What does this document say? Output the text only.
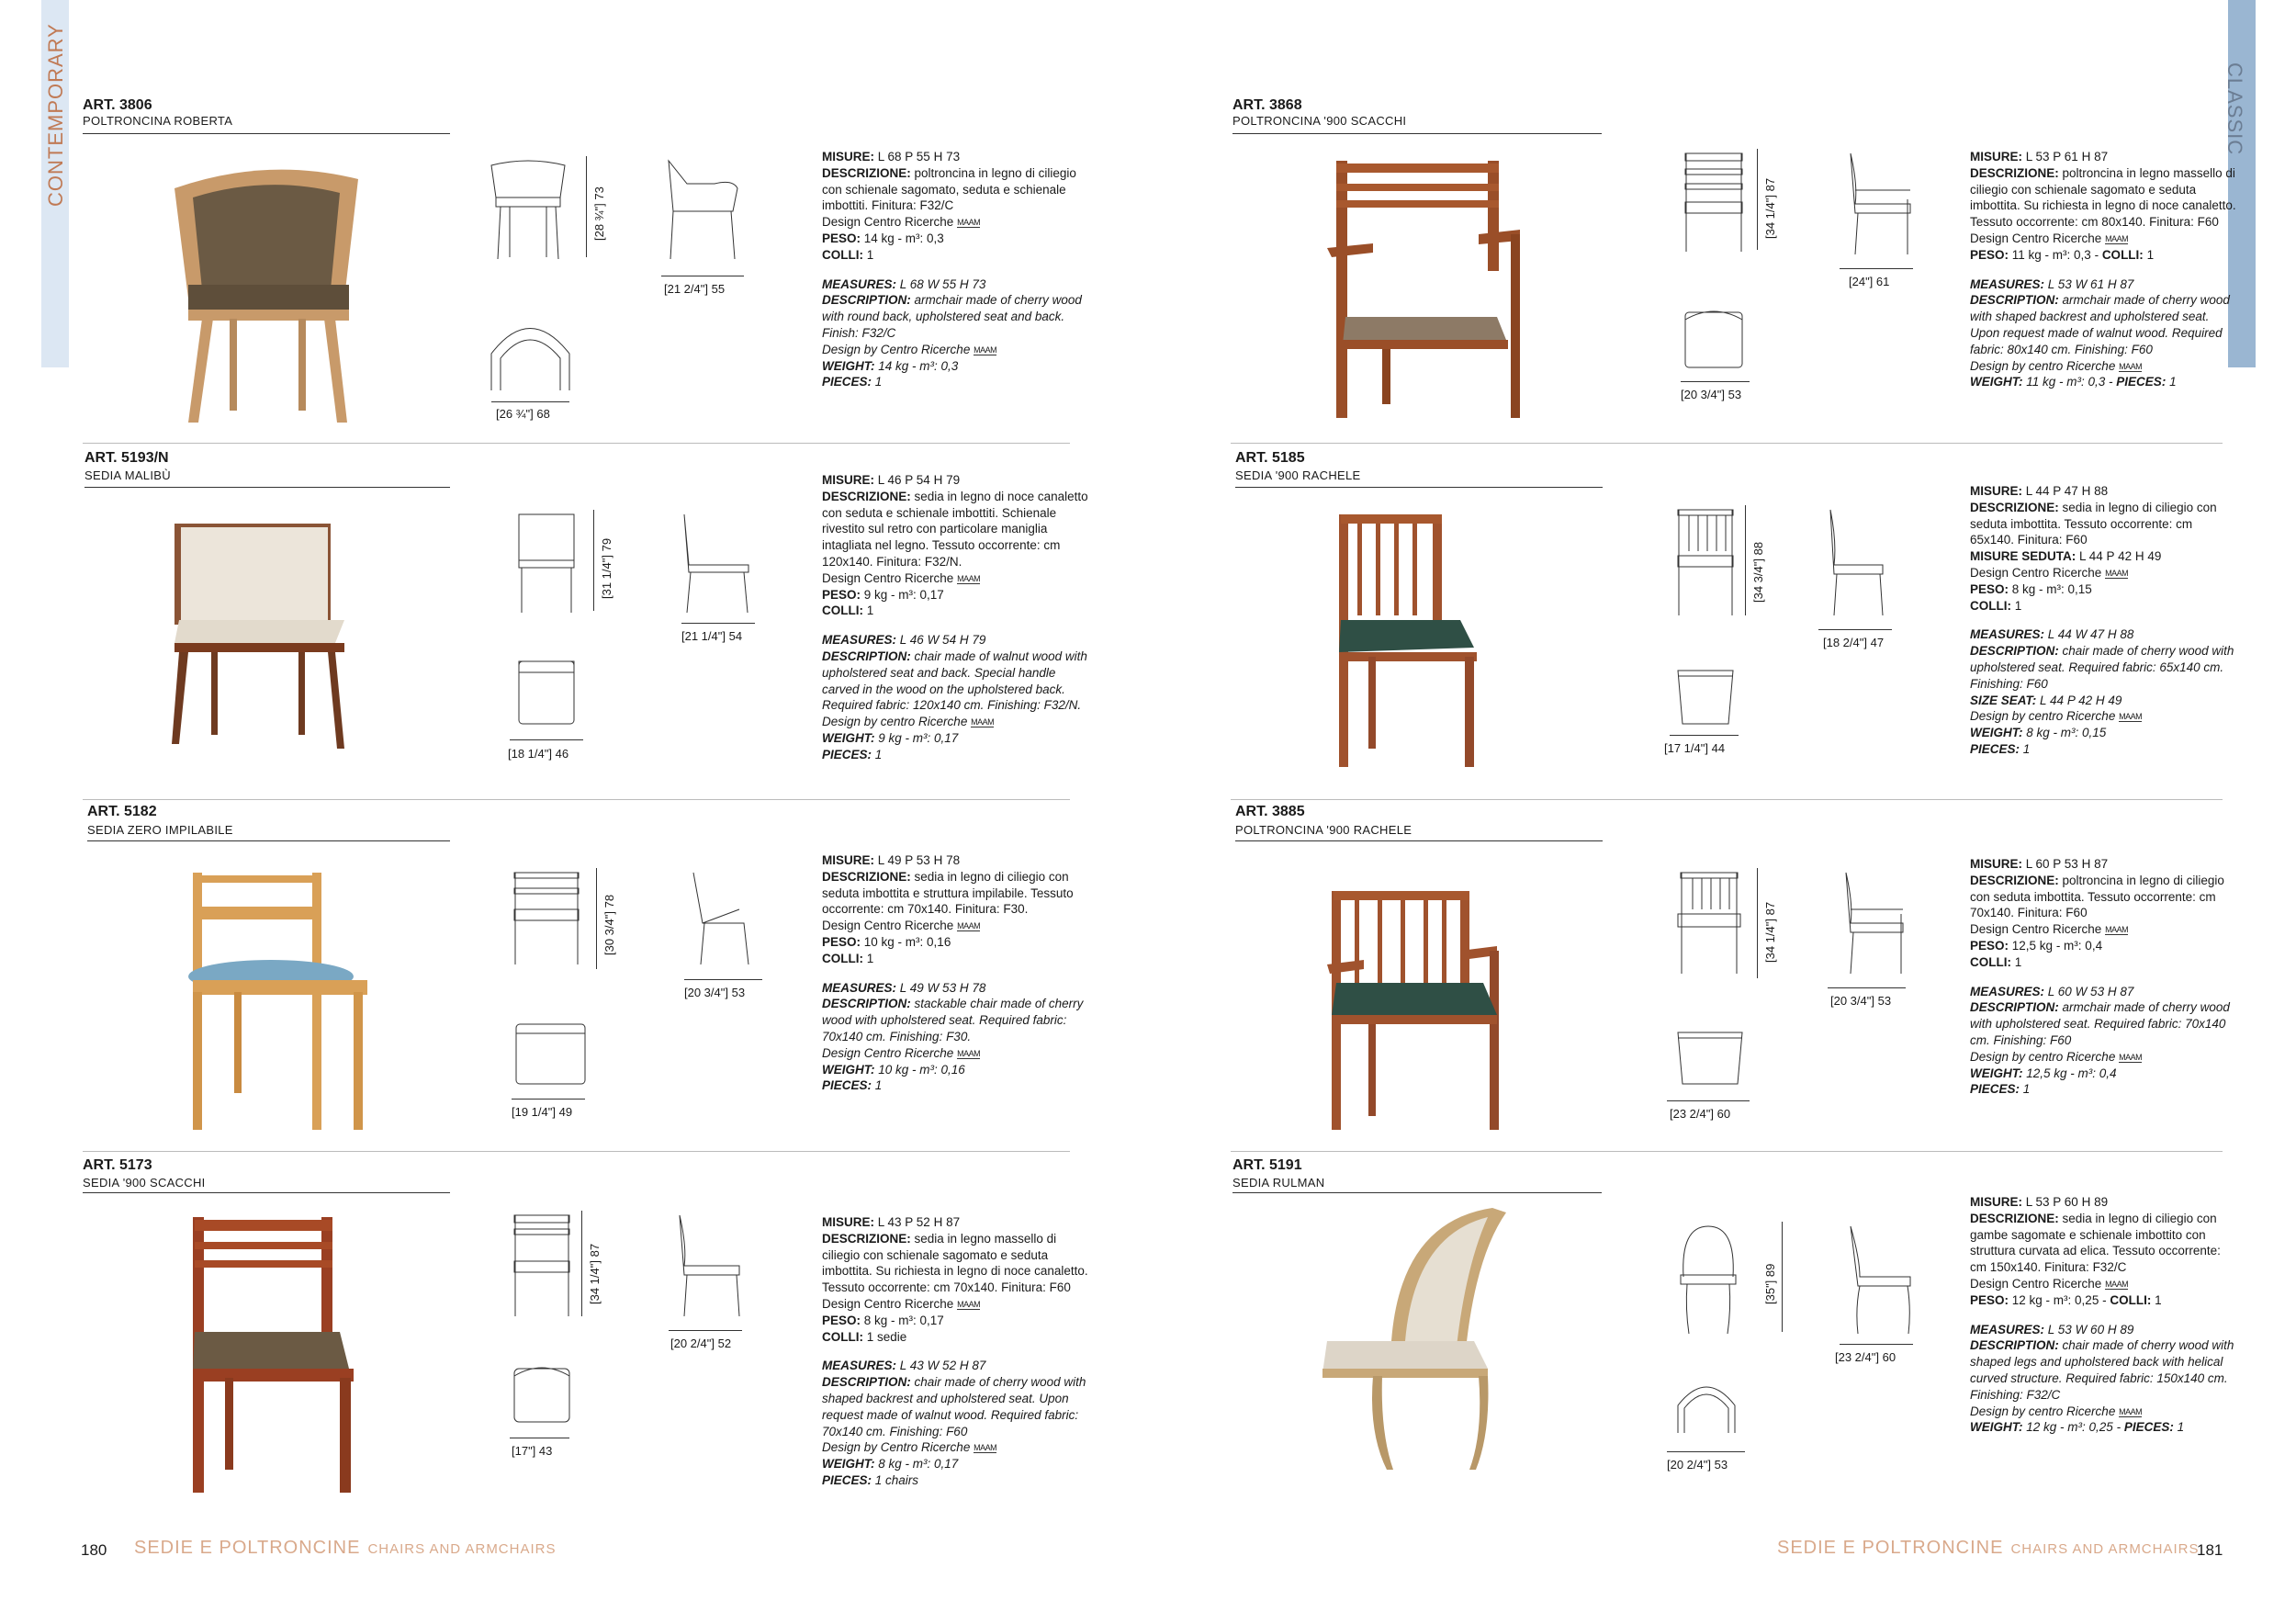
CONTEMPORARY	CLASSIC
ART. 3806
POLTRONCINA ROBERTA
[28 ¾"] 73
[21 2/4"] 55
[26 ¾"] 68

MISURE: L 68 P 55 H 73
DESCRIZIONE: poltroncina in legno di ciliegio con schienale sagomato, seduta e schienale imbottiti. Finitura: F32/C
Design Centro Ricerche MAAM
PESO: 14 kg - m³: 0,3
COLLI: 1

MEASURES: L 68 W 55 H 73
DESCRIPTION: armchair made of cherry wood with round back, upholstered seat and back. Finish: F32/C
Design by Centro Ricerche MAAM
WEIGHT: 14 kg - m³: 0,3
PIECES: 1

ART. 5193/N
SEDIA MALIBÙ
[31 1/4"] 79
[21 1/4"] 54
[18 1/4"] 46

MISURE: L 46 P 54 H 79
DESCRIZIONE: sedia in legno di noce canaletto con seduta e schienale imbottiti. Schienale rivestito sul retro con particolare maniglia intagliata nel legno. Tessuto occorrente: cm 120x140. Finitura: F32/N.
Design Centro Ricerche MAAM
PESO: 9 kg - m³: 0,17
COLLI: 1

MEASURES: L 46 W 54 H 79
DESCRIPTION: chair made of walnut wood with upholstered seat and back. Special handle carved in the wood on the upholstered back. Required fabric: 120x140 cm. Finishing: F32/N.
Design by centro Ricerche MAAM
WEIGHT: 9 kg - m³: 0,17
PIECES: 1

ART. 5182
SEDIA ZERO IMPILABILE
[30 3/4"] 78
[20 3/4"] 53
[19 1/4"] 49

MISURE: L 49 P 53 H 78
DESCRIZIONE: sedia in legno di ciliegio con seduta imbottita e struttura impilabile. Tessuto occorrente: cm 70x140. Finitura: F30.
Design Centro Ricerche MAAM
PESO: 10 kg - m³: 0,16
COLLI: 1

MEASURES: L 49 W 53 H 78
DESCRIPTION: stackable chair made of cherry wood with upholstered seat. Required fabric: 70x140 cm. Finishing: F30.
Design Centro Ricerche MAAM
WEIGHT: 10 kg - m³: 0,16
PIECES: 1

ART. 5173
SEDIA '900 SCACCHI
[34 1/4"] 87
[20 2/4"] 52
[17"] 43

MISURE: L 43 P 52 H 87
DESCRIZIONE: sedia in legno massello di ciliegio con schienale sagomato e seduta imbottita. Su richiesta in legno di noce canaletto. Tessuto occorrente: cm 70x140. Finitura: F60
Design Centro Ricerche MAAM
PESO: 8 kg - m³: 0,17
COLLI: 1 sedie

MEASURES: L 43 W 52 H 87
DESCRIPTION: chair made of cherry wood with shaped backrest and upholstered seat. Upon request made of walnut wood. Required fabric: 70x140 cm. Finishing: F60
Design by Centro Ricerche MAAM
WEIGHT: 8 kg - m³: 0,17
PIECES: 1 chairs

ART. 3868
POLTRONCINA '900 SCACCHI
[34 1/4"] 87
[24"] 61
[20 3/4"] 53

MISURE: L 53 P 61 H 87
DESCRIZIONE: poltroncina in legno massello di ciliegio con schienale sagomato e seduta imbottita. Su richiesta in legno di noce canaletto. Tessuto occorrente: cm 80x140. Finitura: F60
Design Centro Ricerche MAAM
PESO: 11 kg - m³: 0,3 - COLLI: 1

MEASURES: L 53 W 61 H 87
DESCRIPTION: armchair made of cherry wood with shaped backrest and upholstered seat. Upon request made of walnut wood. Required fabric: 80x140 cm. Finishing: F60
Design by centro Ricerche MAAM
WEIGHT: 11 kg - m³: 0,3 - PIECES: 1

ART. 5185
SEDIA '900 RACHELE
[34 3/4"] 88
[18 2/4"] 47
[17 1/4"] 44

MISURE: L 44 P 47 H 88
DESCRIZIONE: sedia in legno di ciliegio con seduta imbottita. Tessuto occorrente: cm 65x140. Finitura: F60
MISURE SEDUTA: L 44 P 42 H 49
Design Centro Ricerche MAAM
PESO: 8 kg - m³: 0,15
COLLI: 1

MEASURES: L 44 W 47 H 88
DESCRIPTION: chair made of cherry wood with upholstered seat. Required fabric: 65x140 cm. Finishing: F60
SIZE SEAT: L 44 P 42 H 49
Design by centro Ricerche MAAM
WEIGHT: 8 kg - m³: 0,15
PIECES: 1

ART. 3885
POLTRONCINA '900 RACHELE
[34 1/4"] 87
[20 3/4"] 53
[23 2/4"] 60

MISURE: L 60 P 53 H 87
DESCRIZIONE: poltroncina in legno di ciliegio con seduta imbottita. Tessuto occorrente: cm 70x140. Finitura: F60
Design Centro Ricerche MAAM
PESO: 12,5 kg - m³: 0,4
COLLI: 1

MEASURES: L 60 W 53 H 87
DESCRIPTION: armchair made of cherry wood with upholstered seat. Required fabric: 70x140 cm. Finishing: F60
Design by centro Ricerche MAAM
WEIGHT: 12,5 kg - m³: 0,4
PIECES: 1

ART. 5191
SEDIA RULMAN
[35"] 89
[23 2/4"] 60
[20 2/4"] 53

MISURE: L 53 P 60 H 89
DESCRIZIONE: sedia in legno di ciliegio con gambe sagomate e schienale imbottito con struttura curvata ad elica. Tessuto occorrente: cm 150x140. Finitura: F32/C
Design Centro Ricerche MAAM
PESO: 12 kg - m³: 0,25 - COLLI: 1

MEASURES: L 53 W 60 H 89
DESCRIPTION: chair made of cherry wood with shaped legs and upholstered back with helical curved structure. Required fabric: 150x140 cm. Finishing: F32/C
Design by centro Ricerche MAAM
WEIGHT: 12 kg - m³: 0,25 - PIECES: 1

180 SEDIE E POLTRONCINE CHAIRS AND ARMCHAIRS	SEDIE E POLTRONCINE CHAIRS AND ARMCHAIRS
181
